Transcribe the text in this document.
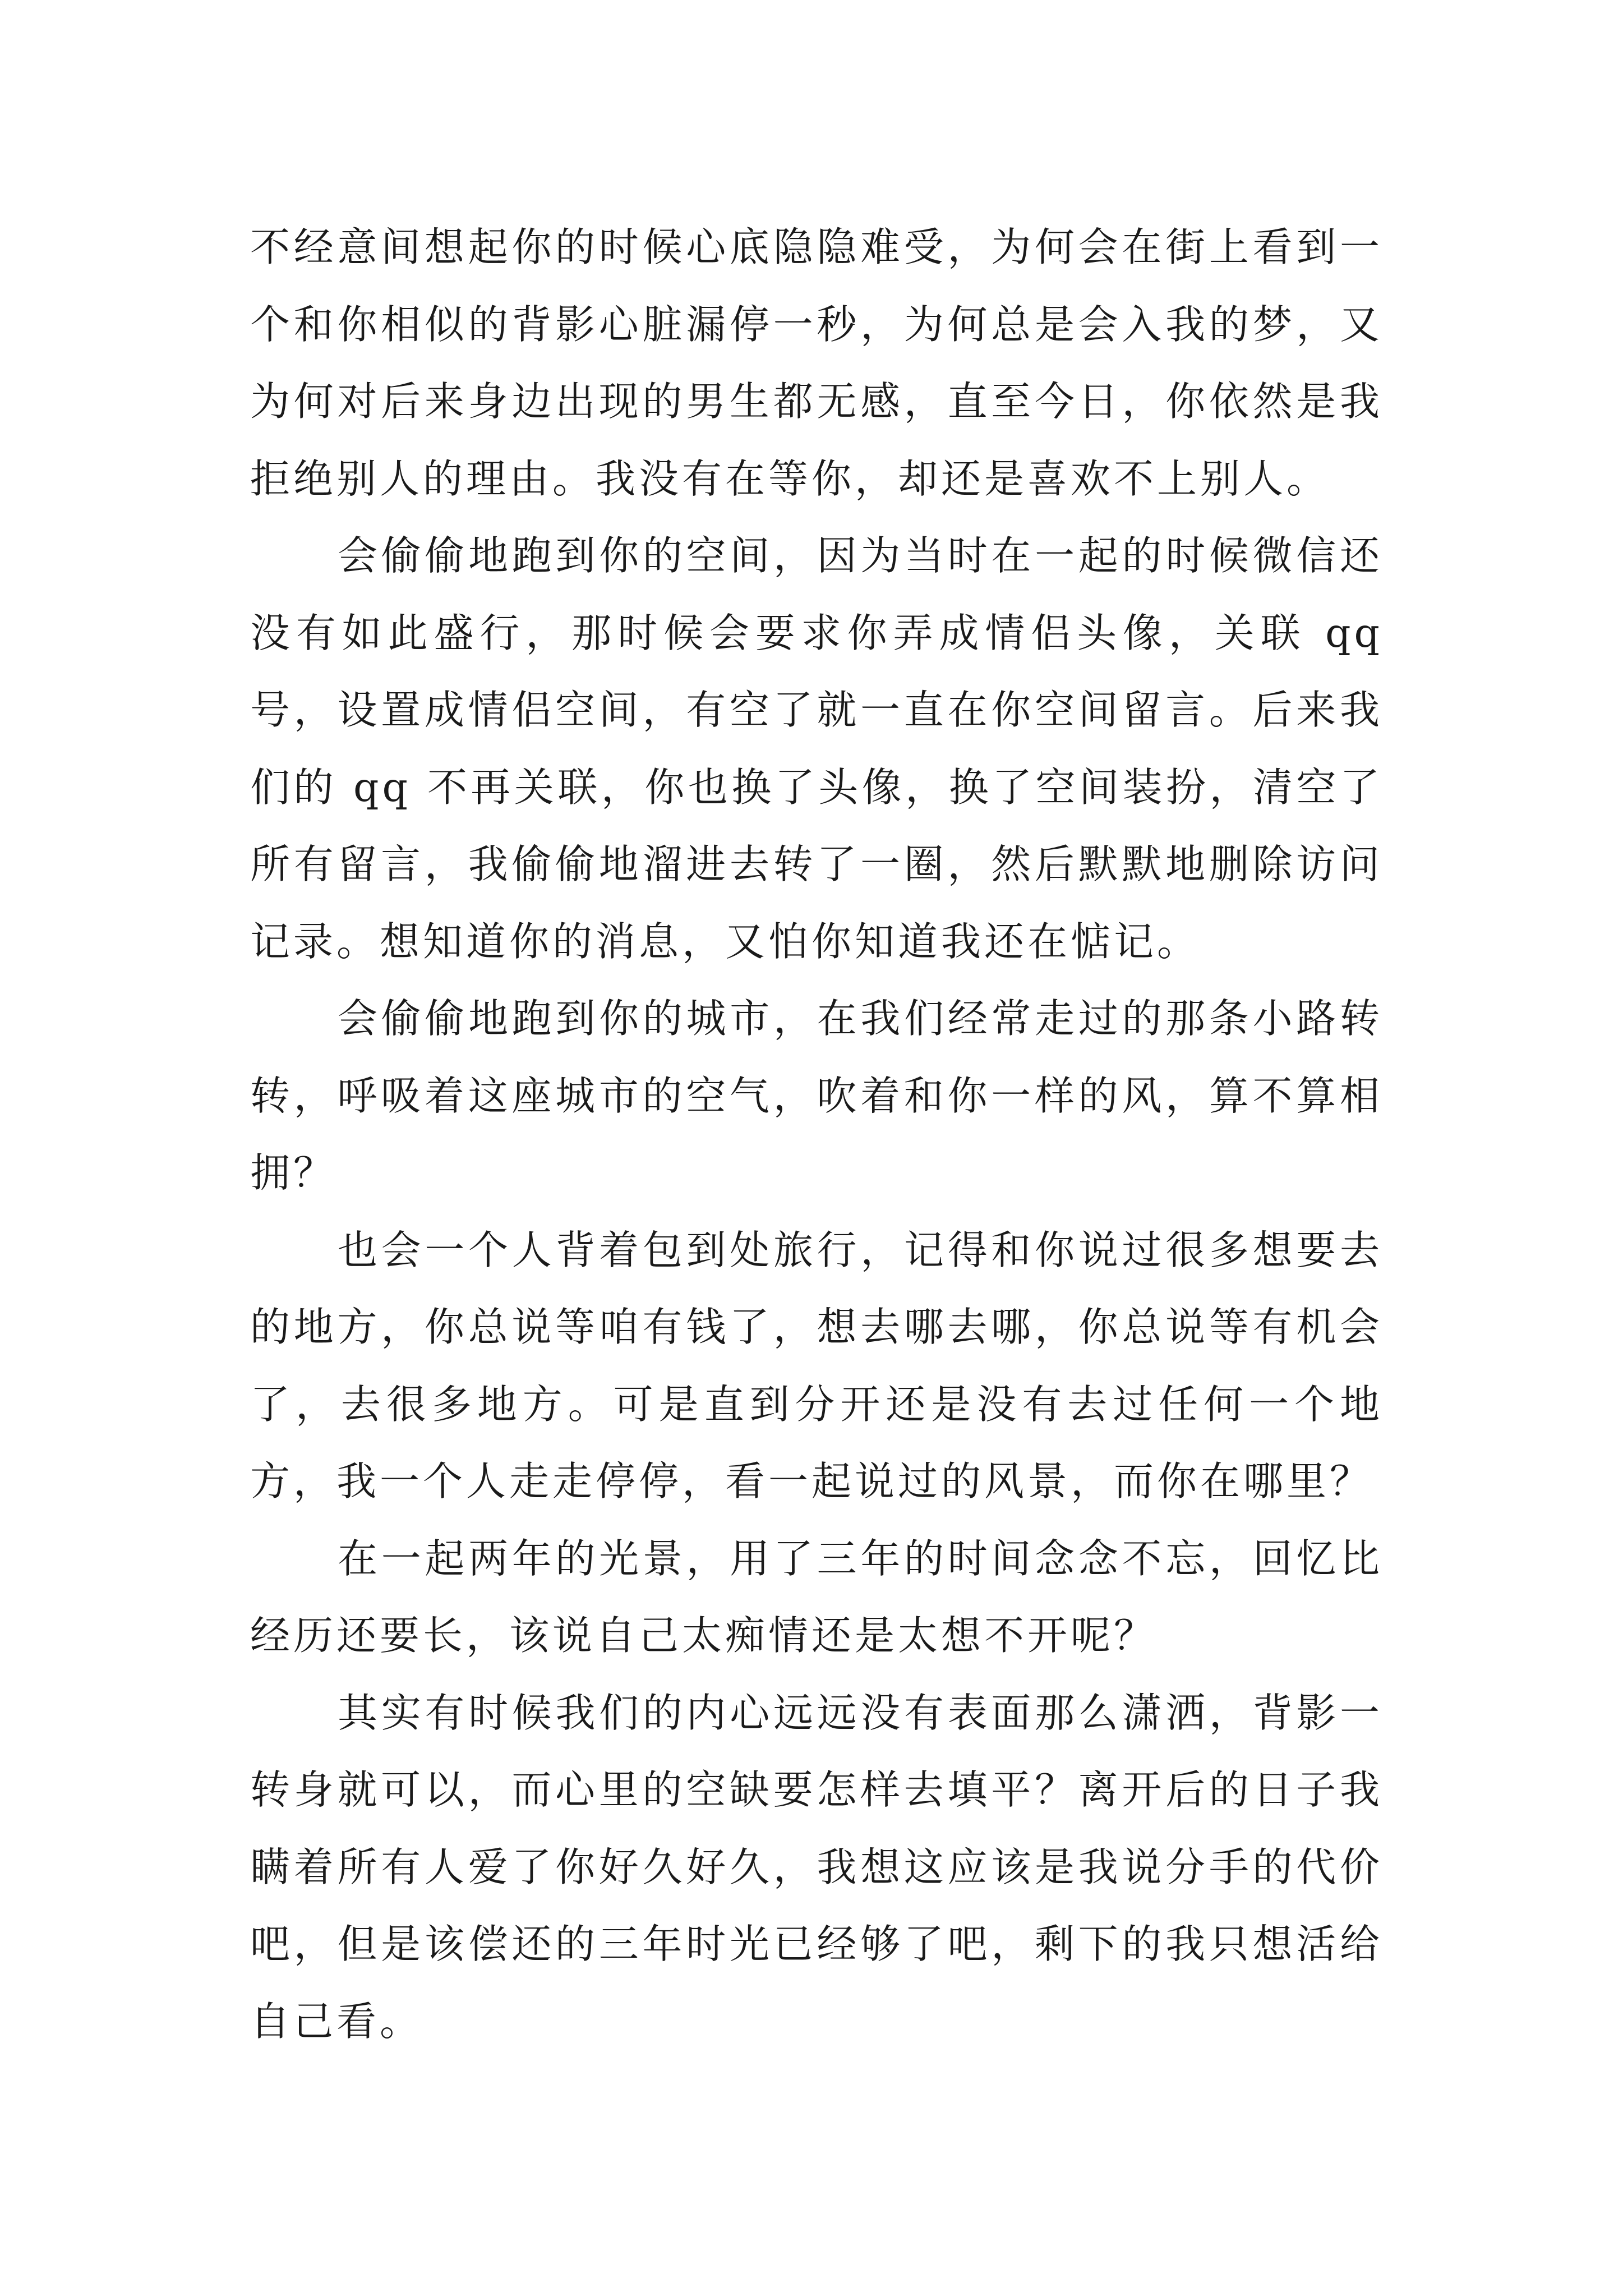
不经意间想起你的时候心底隐隐难受，为何会在街上看到一个和你相似的背影心脏漏停一秒，为何总是会入我的梦，又为何对后来身边出现的男生都无感，直至今日，你依然是我拒绝别人的理由。我没有在等你，却还是喜欢不上别人。

会偷偷地跑到你的空间，因为当时在一起的时候微信还没有如此盛行，那时候会要求你弄成情侣头像，关联 qq 号，设置成情侣空间，有空了就一直在你空间留言。后来我们的 qq 不再关联，你也换了头像，换了空间装扮，清空了所有留言，我偷偷地溜进去转了一圈，然后默默地删除访问记录。想知道你的消息，又怕你知道我还在惦记。

会偷偷地跑到你的城市，在我们经常走过的那条小路转转，呼吸着这座城市的空气，吹着和你一样的风，算不算相拥？

也会一个人背着包到处旅行，记得和你说过很多想要去的地方，你总说等咱有钱了，想去哪去哪，你总说等有机会了，去很多地方。可是直到分开还是没有去过任何一个地方，我一个人走走停停，看一起说过的风景，而你在哪里？

在一起两年的光景，用了三年的时间念念不忘，回忆比经历还要长，该说自己太痴情还是太想不开呢？

其实有时候我们的内心远远没有表面那么潇洒，背影一转身就可以，而心里的空缺要怎样去填平？离开后的日子我瞒着所有人爱了你好久好久，我想这应该是我说分手的代价吧，但是该偿还的三年时光已经够了吧，剩下的我只想活给自己看。
